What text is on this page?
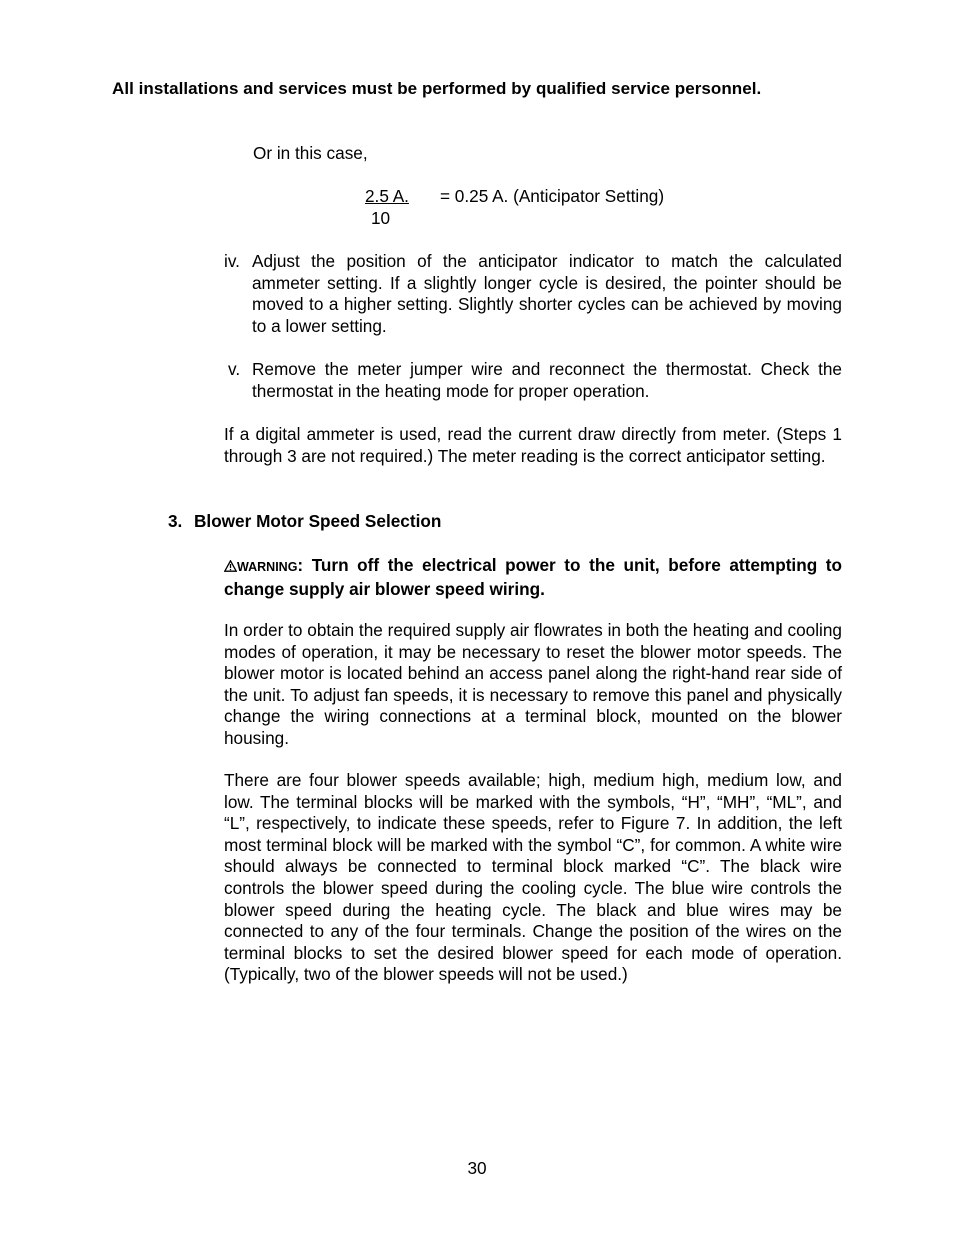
All installations and services must be performed by qualified service personnel.
Or in this case,
2.5 A.	= 0.25 A. (Anticipator Setting)
10
iv. Adjust the position of the anticipator indicator to match the calculated ammeter setting. If a slightly longer cycle is desired, the pointer should be moved to a higher setting. Slightly shorter cycles can be achieved by moving to a lower setting.
v. Remove the meter jumper wire and reconnect the thermostat. Check the thermostat in the heating mode for proper operation.
If a digital ammeter is used, read the current draw directly from meter. (Steps 1 through 3 are not required.) The meter reading is the correct anticipator setting.
3. Blower Motor Speed Selection
WARNING: Turn off the electrical power to the unit, before attempting to change supply air blower speed wiring.
In order to obtain the required supply air flowrates in both the heating and cooling modes of operation, it may be necessary to reset the blower motor speeds. The blower motor is located behind an access panel along the right-hand rear side of the unit. To adjust fan speeds, it is necessary to remove this panel and physically change the wiring connections at a terminal block, mounted on the blower housing.
There are four blower speeds available; high, medium high, medium low, and low. The terminal blocks will be marked with the symbols, “H”, “MH”, “ML”, and “L”, respectively, to indicate these speeds, refer to Figure 7. In addition, the left most terminal block will be marked with the symbol “C”, for common. A white wire should always be connected to terminal block marked “C”. The black wire controls the blower speed during the cooling cycle. The blue wire controls the blower speed during the heating cycle. The black and blue wires may be connected to any of the four terminals. Change the position of the wires on the terminal blocks to set the desired blower speed for each mode of operation. (Typically, two of the blower speeds will not be used.)
30
